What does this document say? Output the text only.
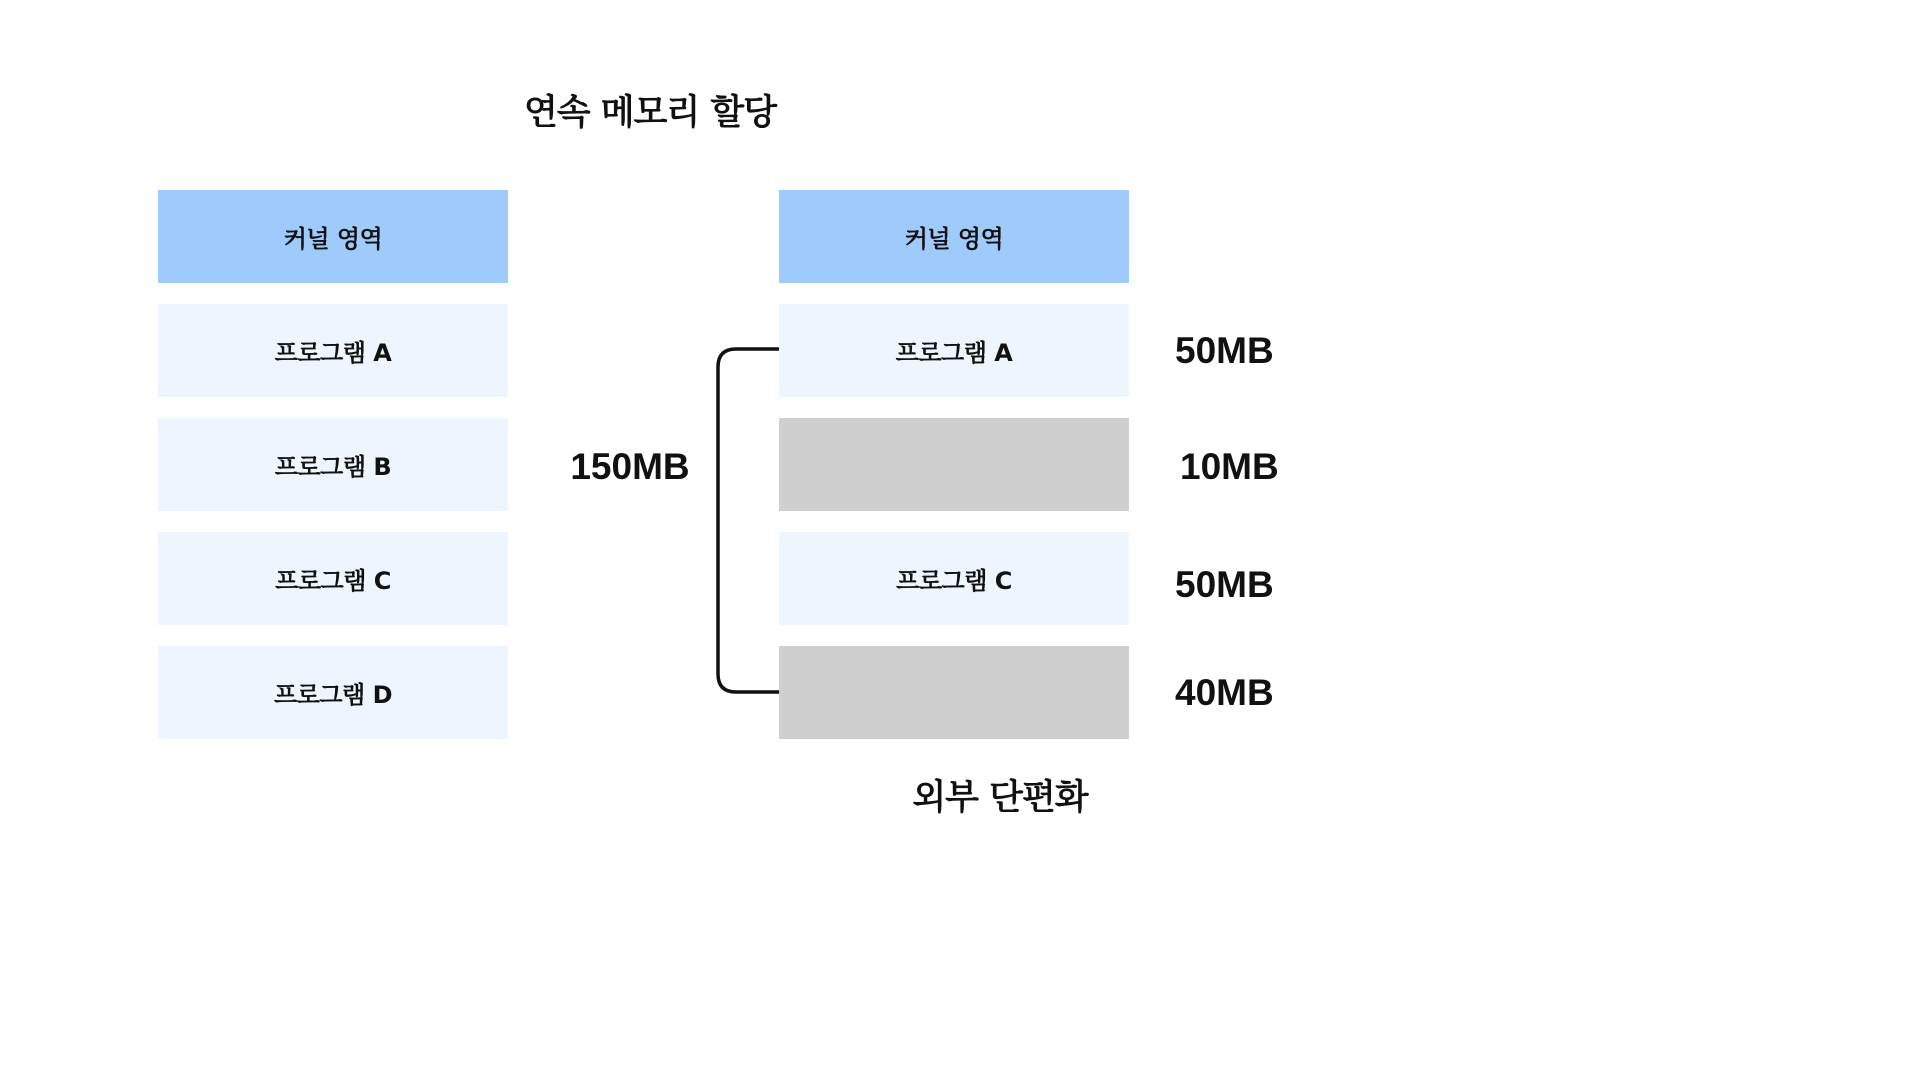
연속 메모리 할당
커널 영역
프로그램 A
프로그램 B
프로그램 C
프로그램 D
150MB
커널 영역
프로그램 A
프로그램 C
50MB
10MB
50MB
40MB
외부 단편화
